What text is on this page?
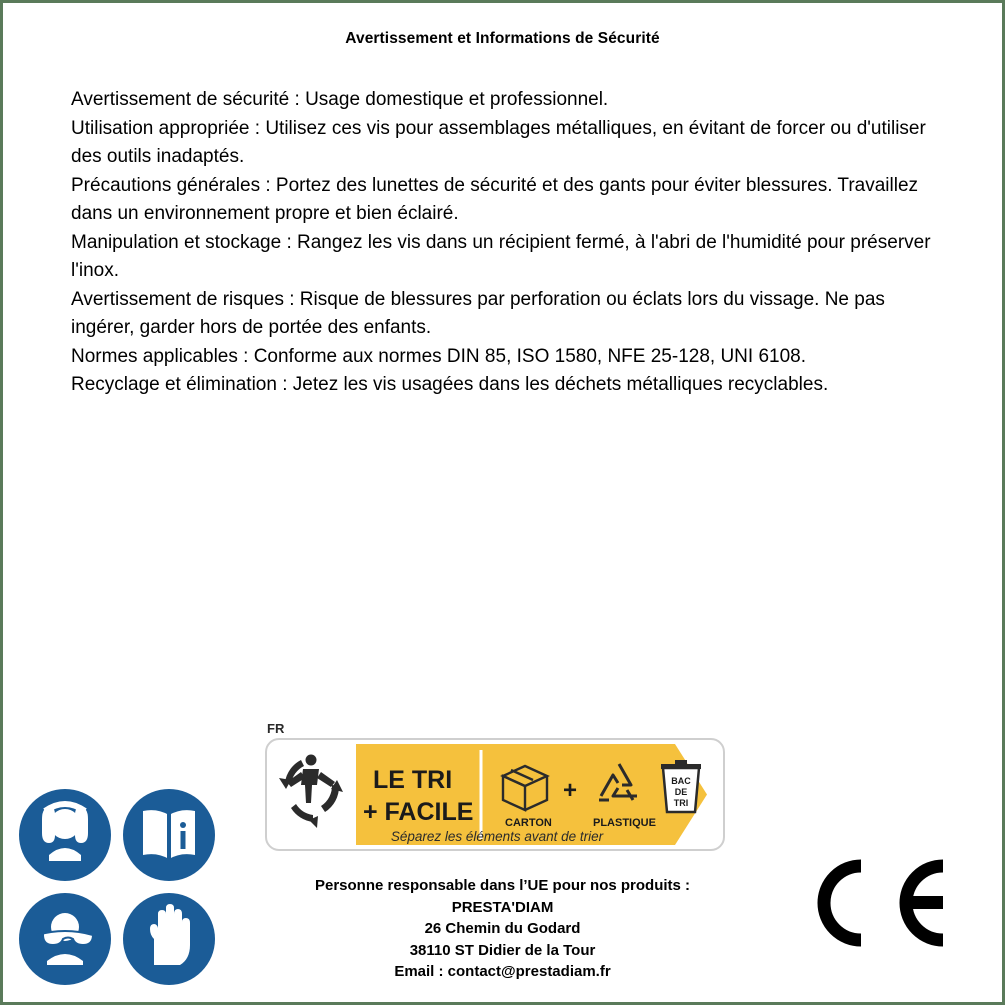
Avertissement et Informations de Sécurité

Avertissement de sécurité : Usage domestique et professionnel.

Utilisation appropriée : Utilisez ces vis pour assemblages métalliques, en évitant de forcer ou d'utiliser des outils inadaptés.

Précautions générales : Portez des lunettes de sécurité et des gants pour éviter blessures. Travaillez dans un environnement propre et bien éclairé.

Manipulation et stockage : Rangez les vis dans un récipient fermé, à l'abri de l'humidité pour préserver l'inox.

Avertissement de risques : Risque de blessures par perforation ou éclats lors du vissage. Ne pas ingérer, garder hors de portée des enfants.

Normes applicables : Conforme aux normes DIN 85, ISO 1580, NFE 25-128, UNI 6108.

Recyclage et élimination : Jetez les vis usagées dans les déchets métalliques recyclables.

FR
LE TRI
+ FACILE	CARTON
+
PLASTIQUE
BAC
DE
TRI
Séparez les éléments avant de trier
Personne responsable dans l’UE pour nos produits :
PRESTA'DIAM
26 Chemin du Godard
38110 ST Didier de la Tour
Email : contact@prestadiam.fr
